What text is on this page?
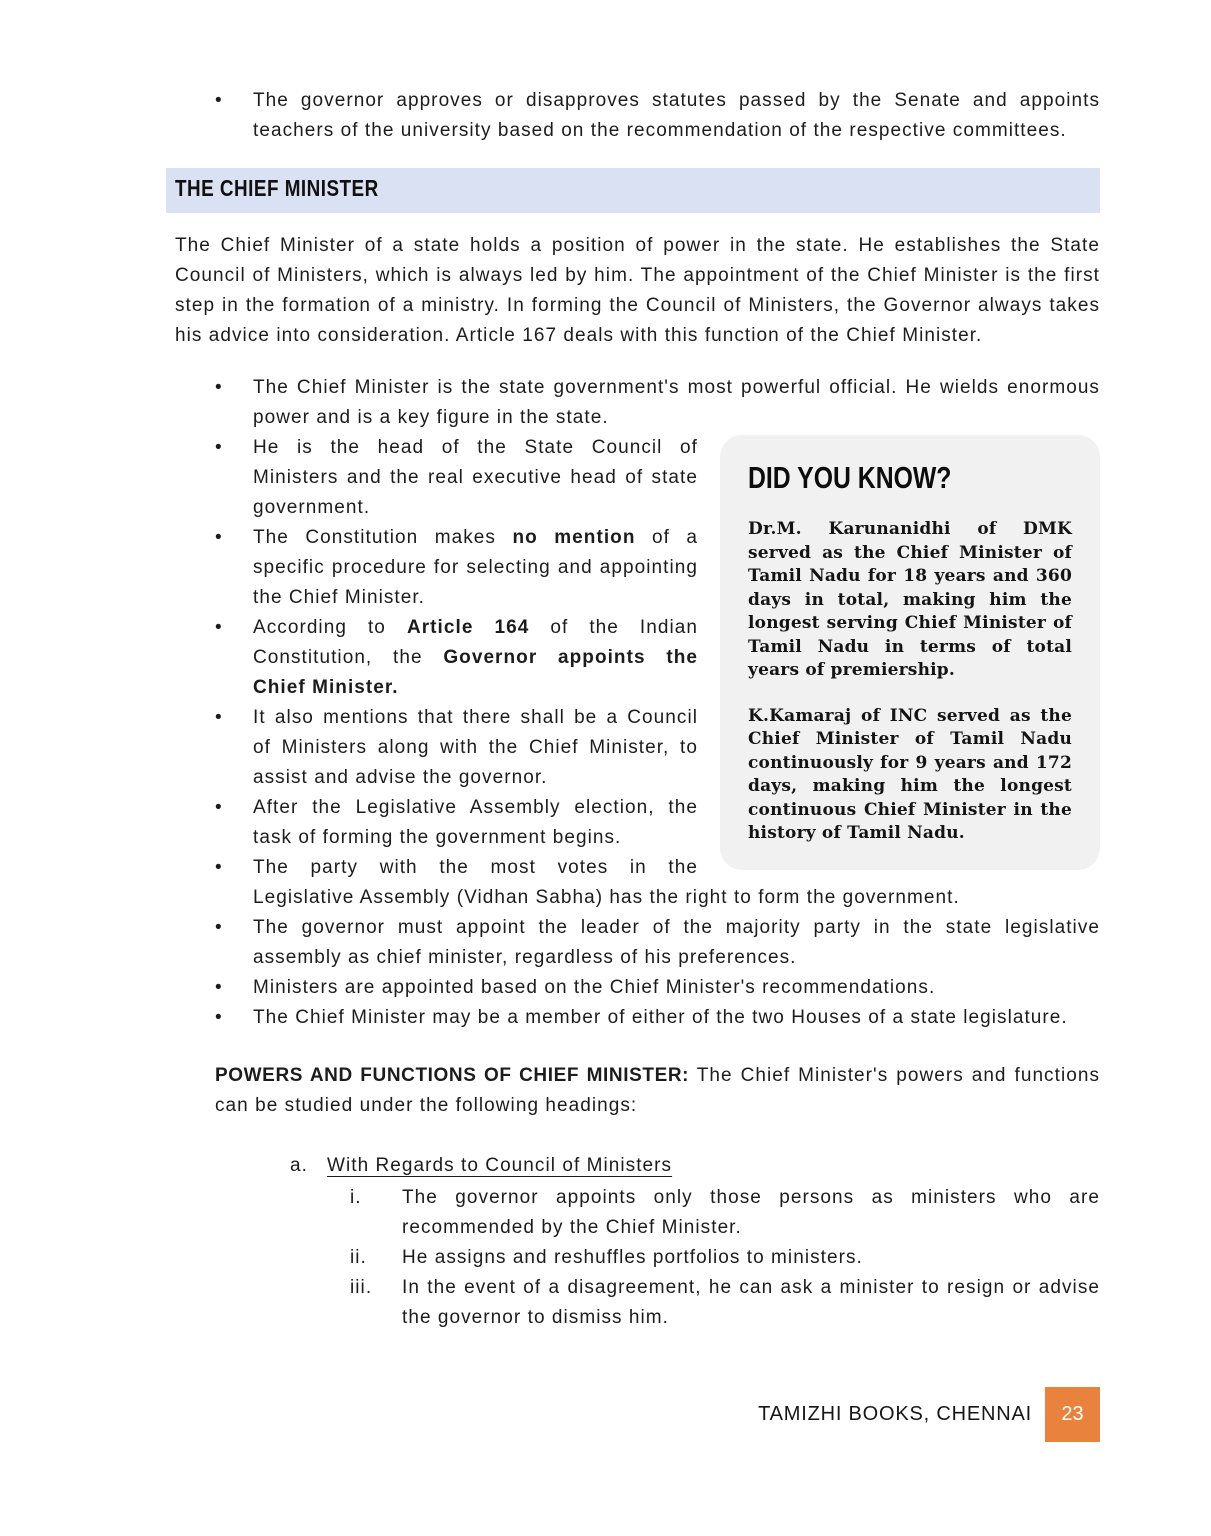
• The governor approves or disapproves statutes passed by the Senate and appoints teachers of the university based on the recommendation of the respective committees.
THE CHIEF MINISTER

The Chief Minister of a state holds a position of power in the state. He establishes the State Council of Ministers, which is always led by him. The appointment of the Chief Minister is the first step in the formation of a ministry. In forming the Council of Ministers, the Governor always takes his advice into consideration. Article 167 deals with this function of the Chief Minister.

• The Chief Minister is the state government's most powerful official. He wields enormous power and is a key figure in the state.
DID YOU KNOW?

Dr.M. Karunanidhi of DMK served as the Chief Minister of Tamil Nadu for 18 years and 360 days in total, making him the longest serving Chief Minister of Tamil Nadu in terms of total years of premiership.

K.Kamaraj of INC served as the Chief Minister of Tamil Nadu continuously for 9 years and 172 days, making him the longest continuous Chief Minister in the history of Tamil Nadu.

• He is the head of the State Council of Ministers and the real executive head of state government.
• The Constitution makes no mention of a specific procedure for selecting and appointing the Chief Minister.
• According to Article 164 of the Indian Constitution, the Governor appoints the Chief Minister.
• It also mentions that there shall be a Council of Ministers along with the Chief Minister, to assist and advise the governor.
• After the Legislative Assembly election, the task of forming the government begins.
• The party with the most votes in the Legislative Assembly (Vidhan Sabha) has the right to form the government.
• The governor must appoint the leader of the majority party in the state legislative assembly as chief minister, regardless of his preferences.
• Ministers are appointed based on the Chief Minister's recommendations.
• The Chief Minister may be a member of either of the two Houses of a state legislature.

POWERS AND FUNCTIONS OF CHIEF MINISTER: The Chief Minister's powers and functions can be studied under the following headings:

a. With Regards to Council of Ministers
i.	The governor appoints only those persons as ministers who are recommended by the Chief Minister.
ii.	He assigns and reshuffles portfolios to ministers.
iii.	In the event of a disagreement, he can ask a minister to resign or advise the governor to dismiss him.
TAMIZHI BOOKS, CHENNAI	23
